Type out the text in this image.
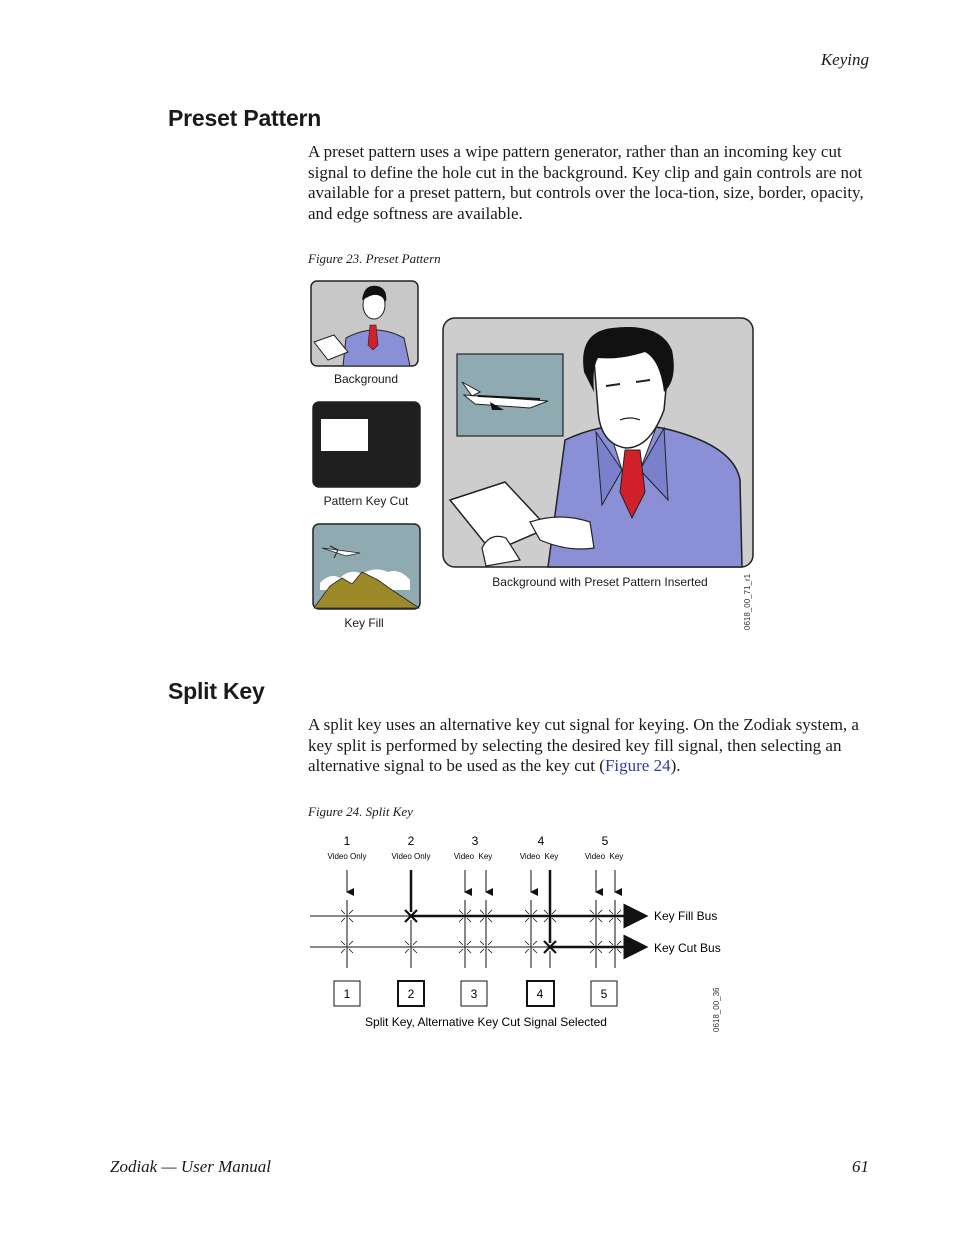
Keying
Preset Pattern
A preset pattern uses a wipe pattern generator, rather than an incoming key cut signal to define the hole cut in the background. Key clip and gain controls are not available for a preset pattern, but controls over the loca-tion, size, border, opacity, and edge softness are available.
Figure 23. Preset Pattern
Background
Pattern Key Cut
Key Fill
Background with Preset Pattern Inserted	0618_00_71_r1
Split Key
A split key uses an alternative key cut signal for keying. On the Zodiak system, a key split is performed by selecting the desired key fill signal, then selecting an alternative signal to be used as the key cut (Figure 24).
Figure 24. Split Key
1	2	3	4	5
Video Only	Video Only	Video  Key	Video  Key	Video  Key
Key Fill Bus
Key Cut Bus
1	2	3	4	5
Split Key, Alternative Key Cut Signal Selected	0618_00_36
Zodiak — User Manual	61
